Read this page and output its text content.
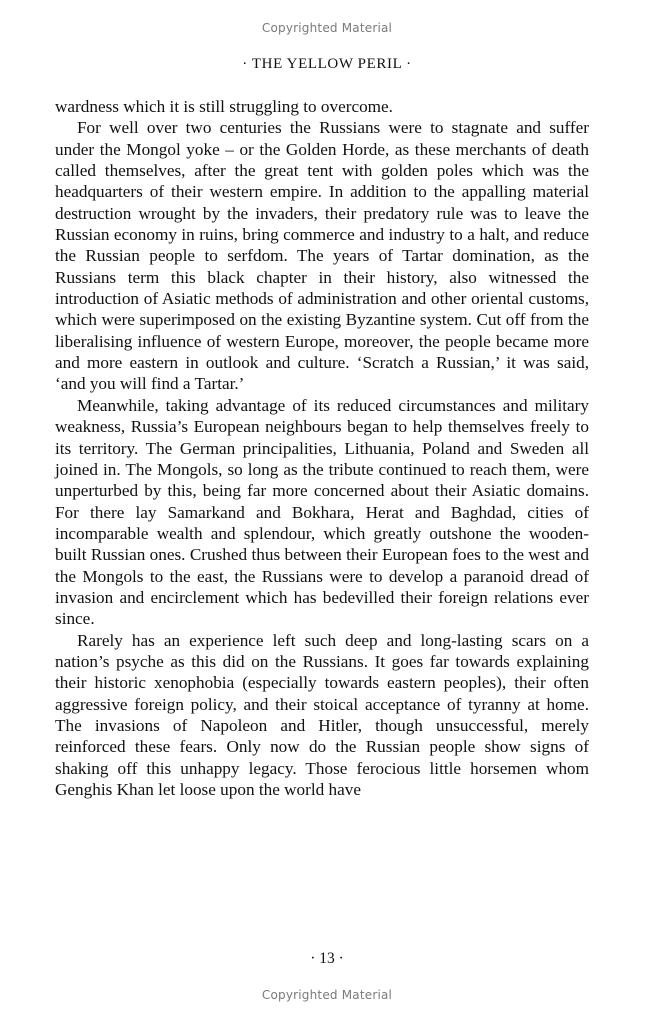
Copyrighted Material
· THE YELLOW PERIL ·

wardness which it is still struggling to overcome.

For well over two centuries the Russians were to stagnate and suffer under the Mongol yoke – or the Golden Horde, as these merchants of death called themselves, after the great tent with golden poles which was the headquarters of their western empire. In addition to the appalling material destruction wrought by the invaders, their predatory rule was to leave the Russian economy in ruins, bring commerce and industry to a halt, and reduce the Russian people to serfdom. The years of Tartar domination, as the Russians term this black chapter in their history, also witnessed the introduction of Asiatic methods of administration and other oriental customs, which were superimposed on the existing Byzantine system. Cut off from the liberalising influence of western Europe, moreover, the people became more and more eastern in outlook and culture. ‘Scratch a Russian,’ it was said, ‘and you will find a Tartar.’

Meanwhile, taking advantage of its reduced circumstances and military weakness, Russia’s European neighbours began to help themselves freely to its territory. The German principalities, Lithuania, Poland and Sweden all joined in. The Mongols, so long as the tribute continued to reach them, were unperturbed by this, being far more concerned about their Asiatic domains. For there lay Samarkand and Bokhara, Herat and Baghdad, cities of incomparable wealth and splendour, which greatly outshone the wooden-built Russian ones. Crushed thus between their European foes to the west and the Mongols to the east, the Russians were to develop a paranoid dread of invasion and encirclement which has bedevilled their foreign relations ever since.

Rarely has an experience left such deep and long-lasting scars on a nation’s psyche as this did on the Russians. It goes far towards explaining their historic xenophobia (especially towards eastern peoples), their often aggressive foreign policy, and their stoical acceptance of tyranny at home. The invasions of Napoleon and Hitler, though unsuccessful, merely reinforced these fears. Only now do the Russian people show signs of shaking off this unhappy legacy. Those ferocious little horsemen whom Genghis Khan let loose upon the world have

· 13 ·
Copyrighted Material
